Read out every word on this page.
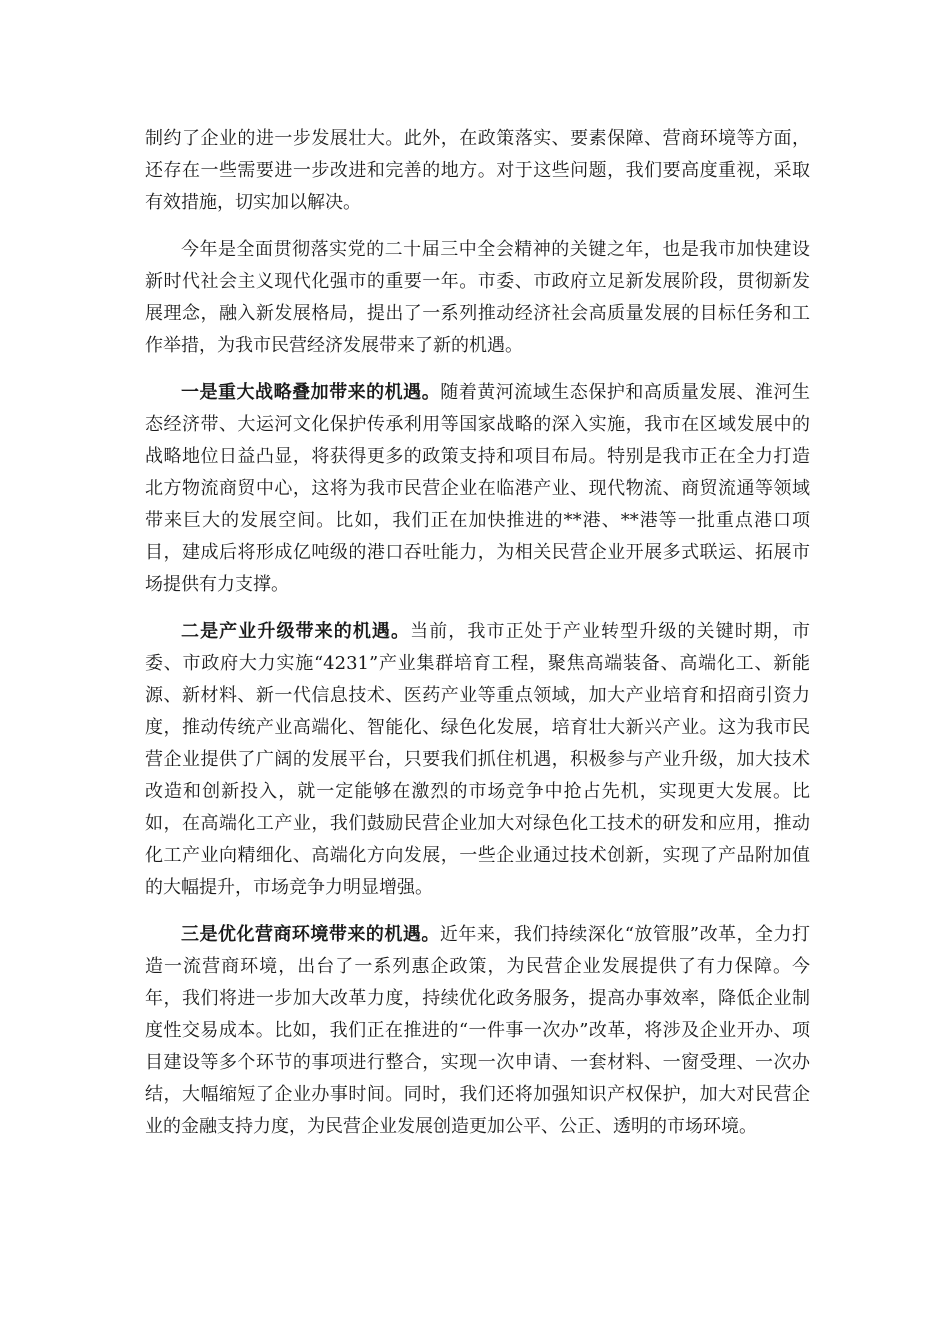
制约了企业的进一步发展壮大。此外，在政策落实、要素保障、营商环境等方面，还存在一些需要进一步改进和完善的地方。对于这些问题，我们要高度重视，采取有效措施，切实加以解决。

今年是全面贯彻落实党的二十届三中全会精神的关键之年，也是我市加快建设新时代社会主义现代化强市的重要一年。市委、市政府立足新发展阶段，贯彻新发展理念，融入新发展格局，提出了一系列推动经济社会高质量发展的目标任务和工作举措，为我市民营经济发展带来了新的机遇。

一是重大战略叠加带来的机遇。随着黄河流域生态保护和高质量发展、淮河生态经济带、大运河文化保护传承利用等国家战略的深入实施，我市在区域发展中的战略地位日益凸显，将获得更多的政策支持和项目布局。特别是我市正在全力打造北方物流商贸中心，这将为我市民营企业在临港产业、现代物流、商贸流通等领域带来巨大的发展空间。比如，我们正在加快推进的**港、**港等一批重点港口项目，建成后将形成亿吨级的港口吞吐能力，为相关民营企业开展多式联运、拓展市场提供有力支撑。

二是产业升级带来的机遇。当前，我市正处于产业转型升级的关键时期，市委、市政府大力实施“4231”产业集群培育工程，聚焦高端装备、高端化工、新能源、新材料、新一代信息技术、医药产业等重点领域，加大产业培育和招商引资力度，推动传统产业高端化、智能化、绿色化发展，培育壮大新兴产业。这为我市民营企业提供了广阔的发展平台，只要我们抓住机遇，积极参与产业升级，加大技术改造和创新投入，就一定能够在激烈的市场竞争中抢占先机，实现更大发展。比如，在高端化工产业，我们鼓励民营企业加大对绿色化工技术的研发和应用，推动化工产业向精细化、高端化方向发展，一些企业通过技术创新，实现了产品附加值的大幅提升，市场竞争力明显增强。

三是优化营商环境带来的机遇。近年来，我们持续深化“放管服”改革，全力打造一流营商环境，出台了一系列惠企政策，为民营企业发展提供了有力保障。今年，我们将进一步加大改革力度，持续优化政务服务，提高办事效率，降低企业制度性交易成本。比如，我们正在推进的“一件事一次办”改革，将涉及企业开办、项目建设等多个环节的事项进行整合，实现一次申请、一套材料、一窗受理、一次办结，大幅缩短了企业办事时间。同时，我们还将加强知识产权保护，加大对民营企业的金融支持力度，为民营企业发展创造更加公平、公正、透明的市场环境。
